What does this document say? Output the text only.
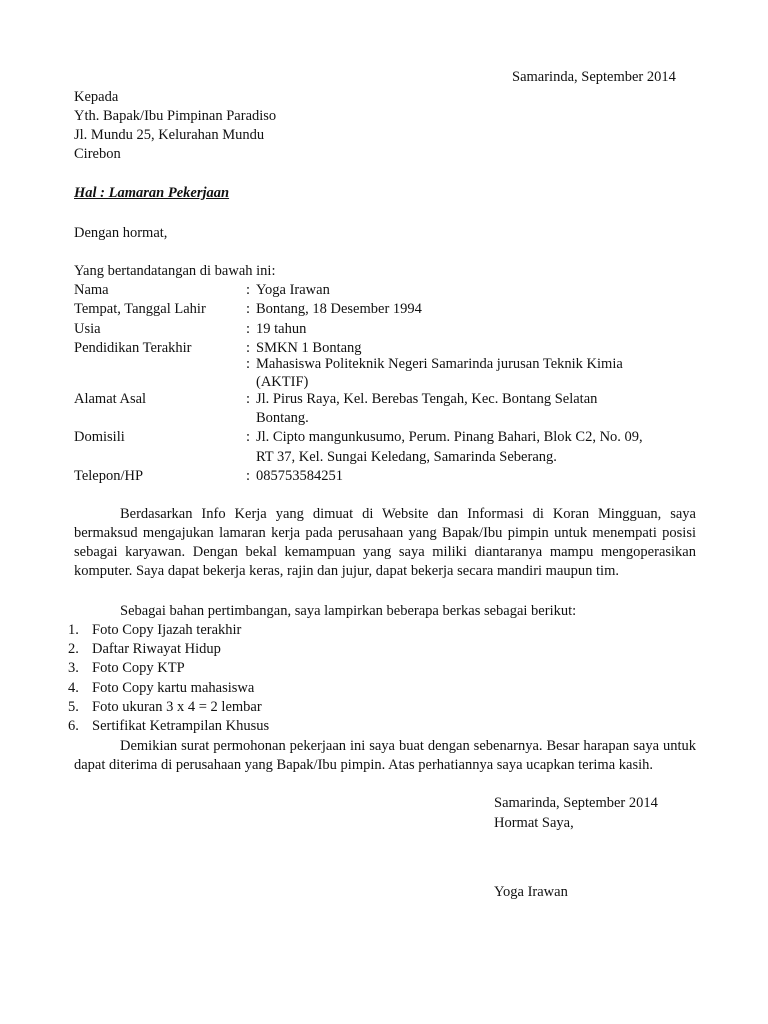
Samarinda, September 2014
Kepada
Yth. Bapak/Ibu Pimpinan Paradiso
Jl. Mundu 25, Kelurahan Mundu
Cirebon
Hal : Lamaran Pekerjaan
Dengan hormat,
Yang bertandatangan di bawah ini:
Nama	: Yoga Irawan
Tempat, Tanggal Lahir	: Bontang, 18 Desember 1994
Usia	: 19 tahun
Pendidikan Terakhir	: SMKN 1 Bontang
: Mahasiswa Politeknik Negeri Samarinda jurusan Teknik Kimia
(AKTIF)
Alamat Asal	: Jl. Pirus Raya, Kel. Berebas Tengah, Kec. Bontang Selatan
Bontang.
Domisili	: Jl. Cipto mangunkusumo, Perum. Pinang Bahari, Blok C2, No. 09,
RT 37, Kel. Sungai Keledang, Samarinda Seberang.
Telepon/HP	: 085753584251
Berdasarkan Info Kerja yang dimuat di Website dan Informasi di Koran Mingguan, saya bermaksud mengajukan lamaran kerja pada perusahaan yang Bapak/Ibu pimpin untuk menempati posisi sebagai karyawan. Dengan bekal kemampuan yang saya miliki diantaranya mampu mengoperasikan komputer. Saya dapat bekerja keras, rajin dan jujur, dapat bekerja secara mandiri maupun tim.
Sebagai bahan pertimbangan, saya lampirkan beberapa berkas sebagai berikut:
1. Foto Copy Ijazah terakhir
2. Daftar Riwayat Hidup
3. Foto Copy KTP
4. Foto Copy kartu mahasiswa
5. Foto ukuran 3 x 4 = 2 lembar
6. Sertifikat Ketrampilan Khusus
Demikian surat permohonan pekerjaan ini saya buat dengan sebenarnya. Besar harapan saya untuk dapat diterima di perusahaan yang Bapak/Ibu pimpin. Atas perhatiannya saya ucapkan terima kasih.
Samarinda, September 2014
Hormat Saya,
Yoga Irawan
